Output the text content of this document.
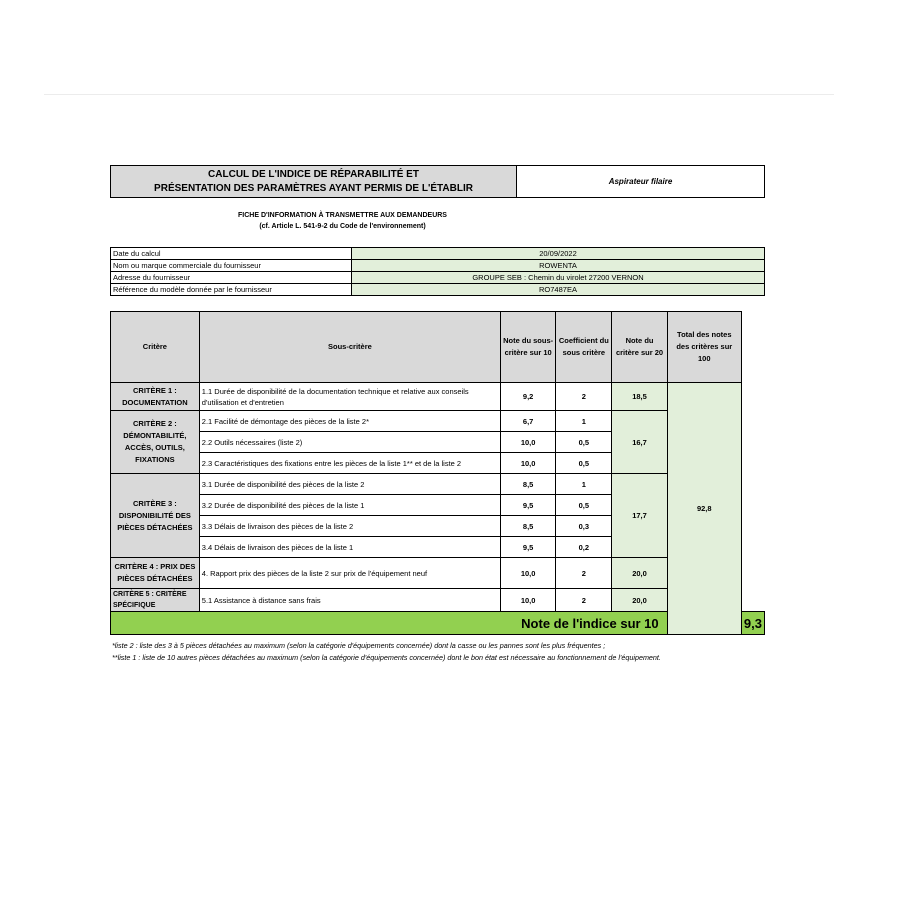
CALCUL DE L'INDICE DE RÉPARABILITÉ ET
PRÉSENTATION DES PARAMÈTRES AYANT PERMIS DE L'ÉTABLIR
Aspirateur filaire
FICHE D'INFORMATION À TRANSMETTRE AUX DEMANDEURS
(cf. Article L. 541-9-2 du Code de l'environnement)
Date du calcul	20/09/2022
Nom ou marque commerciale du fournisseur	ROWENTA
Adresse du fournisseur	GROUPE SEB : Chemin du virolet 27200 VERNON
Référence du modèle donnée par le fournisseur	RO7487EA
Critère	Sous-critère	Note du sous-critère sur 10	Coefficient du sous critère	Note du critère sur 20	Total des notes des critères sur 100	
CRITÈRE 1 : DOCUMENTATION	1.1 Durée de disponibilité de la documentation technique et relative aux conseils d'utilisation et d'entretien	9,2	2	18,5	92,8	
CRITÈRE 2 : DÉMONTABILITÉ, ACCÈS, OUTILS, FIXATIONS	2.1 Facilité de démontage des pièces de la liste 2*	6,7	1	16,7		
	2.2 Outils nécessaires (liste 2)	10,0	0,5			
	2.3 Caractéristiques des fixations entre les pièces de la liste 1** et de la liste 2	10,0	0,5			
CRITÈRE 3 : DISPONIBILITÉ DES PIÈCES DÉTACHÉES	3.1 Durée de disponibilité des pièces de la liste 2	8,5	1	17,7		
	3.2 Durée de disponibilité des pièces de la liste 1	9,5	0,5			
	3.3 Délais de livraison des pièces de la liste 2	8,5	0,3			
	3.4 Délais de livraison des pièces de la liste 1	9,5	0,2			
CRITÈRE 4 : PRIX DES PIÈCES DÉTACHÉES	4. Rapport prix des pièces de la liste 2 sur prix de l'équipement neuf	10,0	2	20,0		
CRITÈRE 5 : CRITÈRE SPÉCIFIQUE	5.1 Assistance à distance sans frais	10,0	2	20,0		
Note de l'indice sur 10						9,3
*liste 2 : liste des 3 à 5 pièces détachées au maximum (selon la catégorie d'équipements concernée) dont la casse ou les pannes sont les plus fréquentes ;
**liste 1 : liste de 10 autres pièces détachées au maximum (selon la catégorie d'équipements concernée) dont le bon état est nécessaire au fonctionnement de l'équipement.
